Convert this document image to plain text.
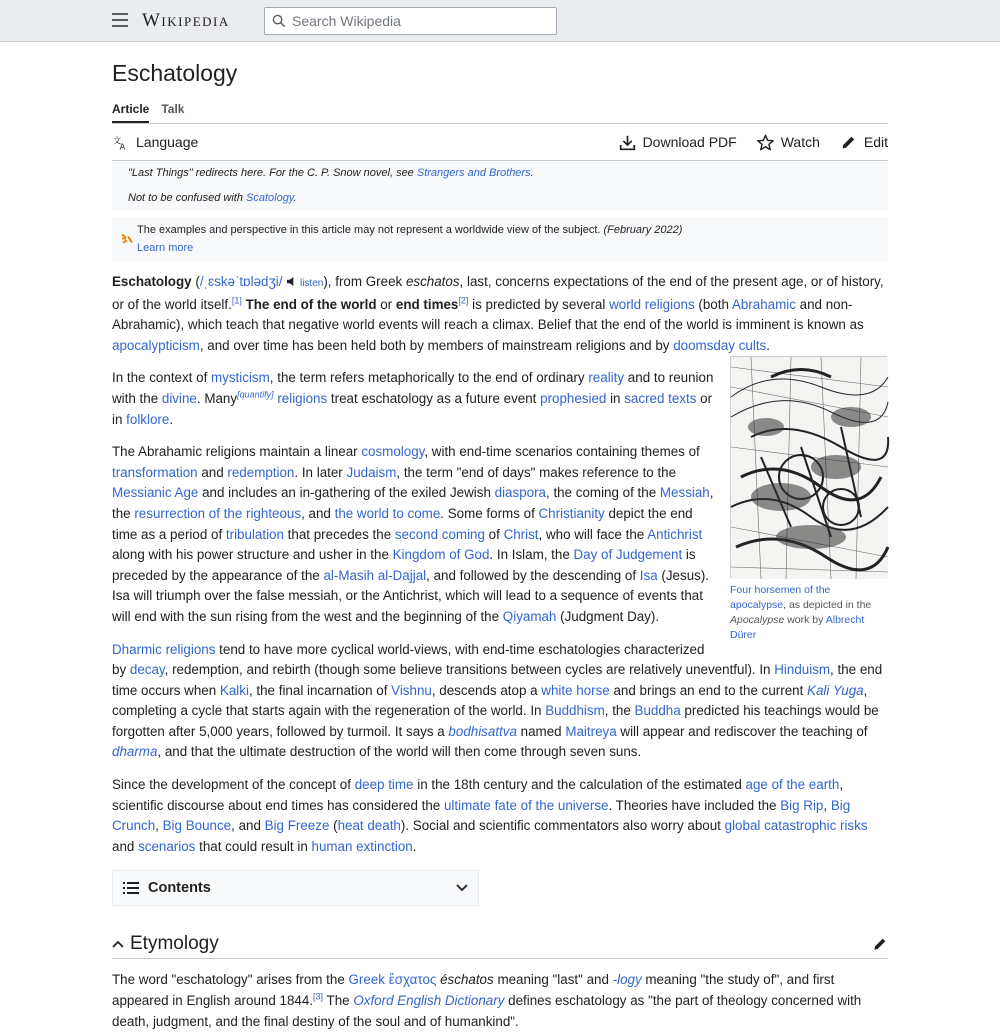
Wikipedia
Search Wikipedia
Eschatology
Article Talk
文
A Language	Download PDF	Watch	Edit

"Last Things" redirects here. For the C. P. Snow novel, see Strangers and Brothers.

Not to be confused with Scatology.

The examples and perspective in this article may not represent a worldwide view of the subject. (February 2022)

Learn more

Eschatology (/ˌɛskəˈtɒlədʒi/ listen), from Greek eschatos, last, concerns expectations of the end of the present age, or of history, or of the world itself.[1] The end of the world or end times[2] is predicted by several world religions (both Abrahamic and non-Abrahamic), which teach that negative world events will reach a climax. Belief that the end of the world is imminent is known as apocalypticism, and over time has been held both by members of mainstream religions and by doomsday cults.

Four horsemen of the apocalypse, as depicted in the Apocalypse work by Albrecht Dürer

In the context of mysticism, the term refers metaphorically to the end of ordinary reality and to reunion with the divine. Many[quantify] religions treat eschatology as a future event prophesied in sacred texts or in folklore.

The Abrahamic religions maintain a linear cosmology, with end-time scenarios containing themes of transformation and redemption. In later Judaism, the term "end of days" makes reference to the Messianic Age and includes an in-gathering of the exiled Jewish diaspora, the coming of the Messiah, the resurrection of the righteous, and the world to come. Some forms of Christianity depict the end time as a period of tribulation that precedes the second coming of Christ, who will face the Antichrist along with his power structure and usher in the Kingdom of God. In Islam, the Day of Judgement is preceded by the appearance of the al-Masih al-Dajjal, and followed by the descending of Isa (Jesus). Isa will triumph over the false messiah, or the Antichrist, which will lead to a sequence of events that will end with the sun rising from the west and the beginning of the Qiyamah (Judgment Day).

Dharmic religions tend to have more cyclical world-views, with end-time eschatologies characterized by decay, redemption, and rebirth (though some believe transitions between cycles are relatively uneventful). In Hinduism, the end time occurs when Kalki, the final incarnation of Vishnu, descends atop a white horse and brings an end to the current Kali Yuga, completing a cycle that starts again with the regeneration of the world. In Buddhism, the Buddha predicted his teachings would be forgotten after 5,000 years, followed by turmoil. It says a bodhisattva named Maitreya will appear and rediscover the teaching of dharma, and that the ultimate destruction of the world will then come through seven suns.

Since the development of the concept of deep time in the 18th century and the calculation of the estimated age of the earth, scientific discourse about end times has considered the ultimate fate of the universe. Theories have included the Big Rip, Big Crunch, Big Bounce, and Big Freeze (heat death). Social and scientific commentators also worry about global catastrophic risks and scenarios that could result in human extinction.

Contents
Etymology

The word "eschatology" arises from the Greek ἔσχατος éschatos meaning "last" and -logy meaning "the study of", and first appeared in English around 1844.[3] The Oxford English Dictionary defines eschatology as "the part of theology concerned with death, judgment, and the final destiny of the soul and of humankind".
